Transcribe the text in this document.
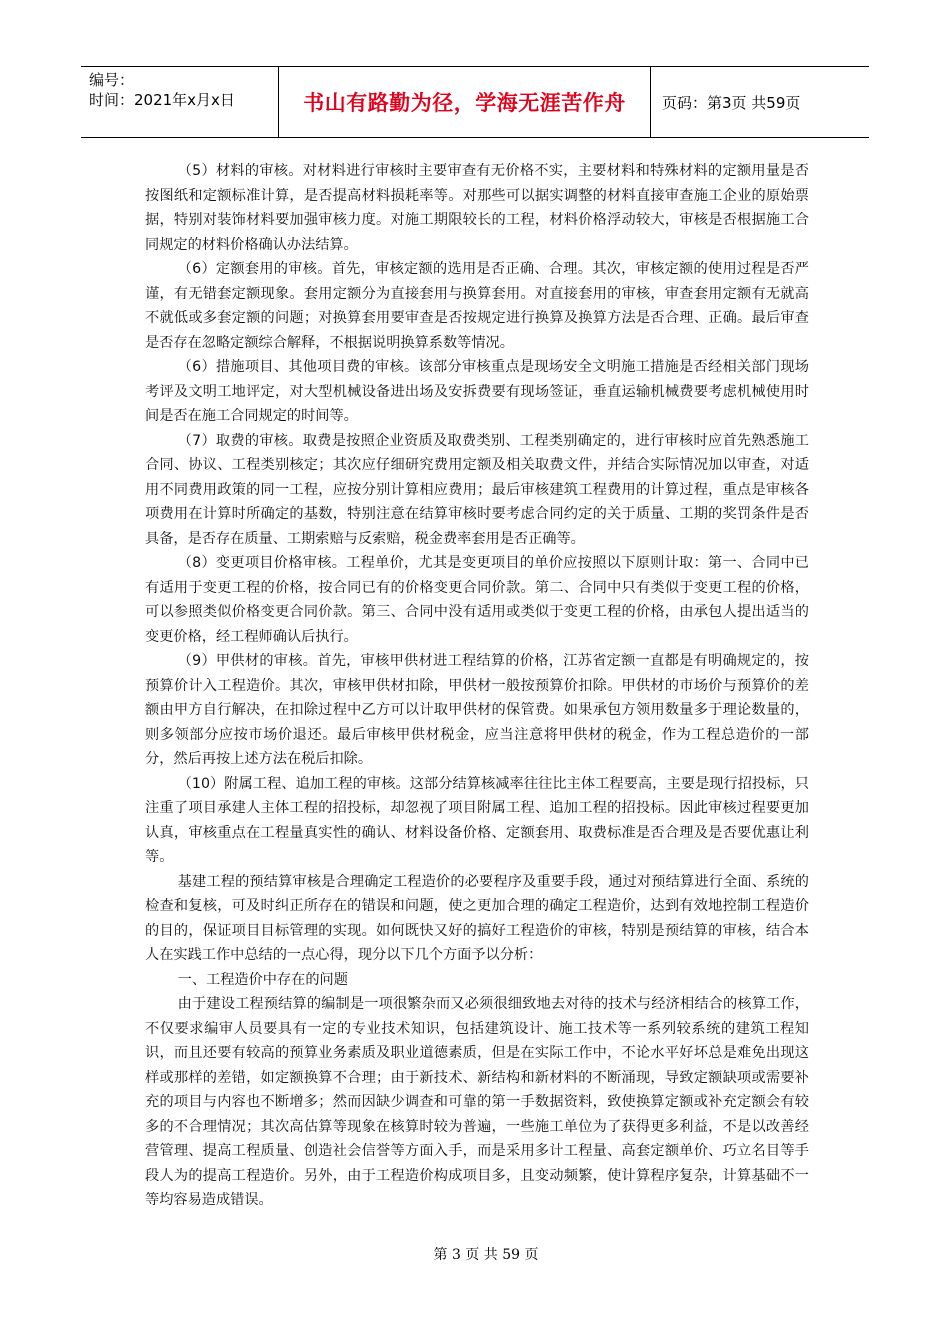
编号：
时间：2021年x月x日	书山有路勤为径，学海无涯苦作舟	页码：第3页 共59页

（5）材料的审核。对材料进行审核时主要审查有无价格不实，主要材料和特殊材料的定额用量是否按图纸和定额标准计算，是否提高材料损耗率等。对那些可以据实调整的材料直接审查施工企业的原始票据，特别对装饰材料要加强审核力度。对施工期限较长的工程，材料价格浮动较大，审核是否根据施工合同规定的材料价格确认办法结算。

（6）定额套用的审核。首先，审核定额的选用是否正确、合理。其次，审核定额的使用过程是否严谨，有无错套定额现象。套用定额分为直接套用与换算套用。对直接套用的审核，审查套用定额有无就高不就低或多套定额的问题；对换算套用要审查是否按规定进行换算及换算方法是否合理、正确。最后审查是否存在忽略定额综合解释，不根据说明换算系数等情况。

（6）措施项目、其他项目费的审核。该部分审核重点是现场安全文明施工措施是否经相关部门现场考评及文明工地评定，对大型机械设备进出场及安拆费要有现场签证，垂直运输机械费要考虑机械使用时间是否在施工合同规定的时间等。

（7）取费的审核。取费是按照企业资质及取费类别、工程类别确定的，进行审核时应首先熟悉施工合同、协议、工程类别核定；其次应仔细研究费用定额及相关取费文件，并结合实际情况加以审查，对适用不同费用政策的同一工程，应按分别计算相应费用；最后审核建筑工程费用的计算过程，重点是审核各项费用在计算时所确定的基数，特别注意在结算审核时要考虑合同约定的关于质量、工期的奖罚条件是否具备，是否存在质量、工期索赔与反索赔，税金费率套用是否正确等。

（8）变更项目价格审核。工程单价，尤其是变更项目的单价应按照以下原则计取：第一、合同中已有适用于变更工程的价格，按合同已有的价格变更合同价款。第二、合同中只有类似于变更工程的价格，可以参照类似价格变更合同价款。第三、合同中没有适用或类似于变更工程的价格，由承包人提出适当的变更价格，经工程师确认后执行。

（9）甲供材的审核。首先，审核甲供材进工程结算的价格，江苏省定额一直都是有明确规定的，按预算价计入工程造价。其次，审核甲供材扣除，甲供材一般按预算价扣除。甲供材的市场价与预算价的差额由甲方自行解决，在扣除过程中乙方可以计取甲供材的保管费。如果承包方领用数量多于理论数量的，则多领部分应按市场价退还。最后审核甲供材税金，应当注意将甲供材的税金，作为工程总造价的一部分，然后再按上述方法在税后扣除。

（10）附属工程、追加工程的审核。这部分结算核减率往往比主体工程要高，主要是现行招投标，只注重了项目承建人主体工程的招投标，却忽视了项目附属工程、追加工程的招投标。因此审核过程要更加认真，审核重点在工程量真实性的确认、材料设备价格、定额套用、取费标准是否合理及是否要优惠让利等。

基建工程的预结算审核是合理确定工程造价的必要程序及重要手段，通过对预结算进行全面、系统的检查和复核，可及时纠正所存在的错误和问题，使之更加合理的确定工程造价，达到有效地控制工程造价的目的，保证项目目标管理的实现。如何既快又好的搞好工程造价的审核，特别是预结算的审核，结合本人在实践工作中总结的一点心得，现分以下几个方面予以分析：

一、工程造价中存在的问题

由于建设工程预结算的编制是一项很繁杂而又必须很细致地去对待的技术与经济相结合的核算工作，不仅要求编审人员要具有一定的专业技术知识，包括建筑设计、施工技术等一系列较系统的建筑工程知识，而且还要有较高的预算业务素质及职业道德素质，但是在实际工作中，不论水平好坏总是难免出现这样或那样的差错，如定额换算不合理；由于新技术、新结构和新材料的不断涌现，导致定额缺项或需要补充的项目与内容也不断增多；然而因缺少调查和可靠的第一手数据资料，致使换算定额或补充定额会有较多的不合理情况；其次高估算等现象在核算时较为普遍，一些施工单位为了获得更多利益，不是以改善经营管理、提高工程质量、创造社会信誉等方面入手，而是采用多计工程量、高套定额单价、巧立名目等手段人为的提高工程造价。另外，由于工程造价构成项目多，且变动频繁，使计算程序复杂，计算基础不一等均容易造成错误。

第 3 页 共 59 页
